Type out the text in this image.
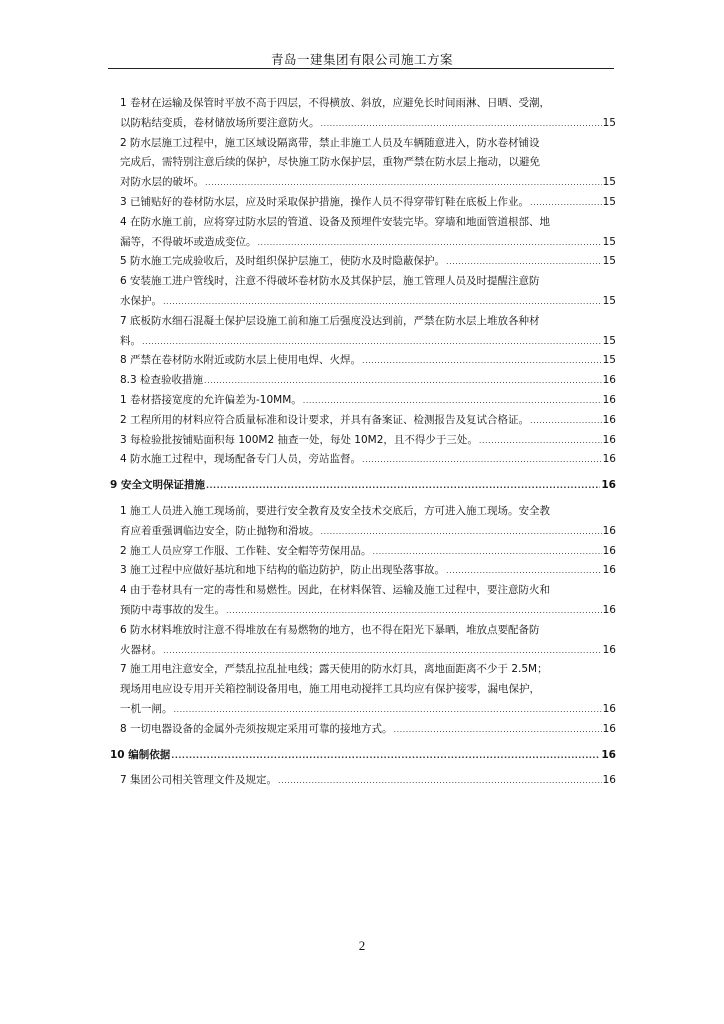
青岛一建集团有限公司施工方案
1 卷材在运输及保管时平放不高于四层，不得横放、斜放，应避免长时间雨淋、日晒、受潮，
以防粘结变质，卷材储放场所要注意防火。 .....	15
2 防水层施工过程中，施工区域设隔离带，禁止非施工人员及车辆随意进入，防水卷材铺设
完成后，需特别注意后续的保护，尽快施工防水保护层，重物严禁在防水层上拖动，以避免
对防水层的破坏。 .....	15
3 已铺贴好的卷材防水层，应及时采取保护措施，操作人员不得穿带钉鞋在底板上作业。 .....	15
4 在防水施工前，应将穿过防水层的管道、设备及预埋件安装完毕。穿墙和地面管道根部、地
漏等，不得破坏或造成变位。 .....	15
5 防水施工完成验收后，及时组织保护层施工，使防水及时隐蔽保护。 .....	15
6 安装施工进户管线时，注意不得破坏卷材防水及其保护层，施工管理人员及时提醒注意防
水保护。 .....	15
7 底板防水细石混凝土保护层设施工前和施工后强度没达到前，严禁在防水层上堆放各种材
料。 .....	15
8 严禁在卷材防水附近或防水层上使用电焊、火焊。 .....	15
8.3 检查验收措施 .....	16
1 卷材搭接宽度的允许偏差为-10MM。 .....	16
2 工程所用的材料应符合质量标准和设计要求，并具有备案证、检测报告及复试合格证。 .....	16
3 每检验批按铺贴面积每 100M2 抽查一处，每处 10M2，且不得少于三处。 .....	16
4 防水施工过程中，现场配备专门人员，旁站监督。 .....	16
9 安全文明保证措施 .....	16
1 施工人员进入施工现场前，要进行安全教育及安全技术交底后，方可进入施工现场。安全教
育应着重强调临边安全，防止抛物和滑坡。 .....	16
2 施工人员应穿工作服、工作鞋、安全帽等劳保用品。 .....	16
3 施工过程中应做好基坑和地下结构的临边防护，防止出现坠落事故。 .....	16
4 由于卷材具有一定的毒性和易燃性。因此，在材料保管、运输及施工过程中，要注意防火和
预防中毒事故的发生。 .....	16
6 防水材料堆放时注意不得堆放在有易燃物的地方，也不得在阳光下暴晒，堆放点要配备防
火器材。 .....	16
7 施工用电注意安全，严禁乱拉乱扯电线；露天使用的防水灯具，离地面距离不少于 2.5M；
现场用电应设专用开关箱控制设备用电，施工用电动搅拌工具均应有保护接零，漏电保护，
一机一闸。 .....	16
8 一切电器设备的金属外壳须按规定采用可靠的接地方式。 .....	16
10 编制依据 .....	16
7 集团公司相关管理文件及规定。 .....	16
2
